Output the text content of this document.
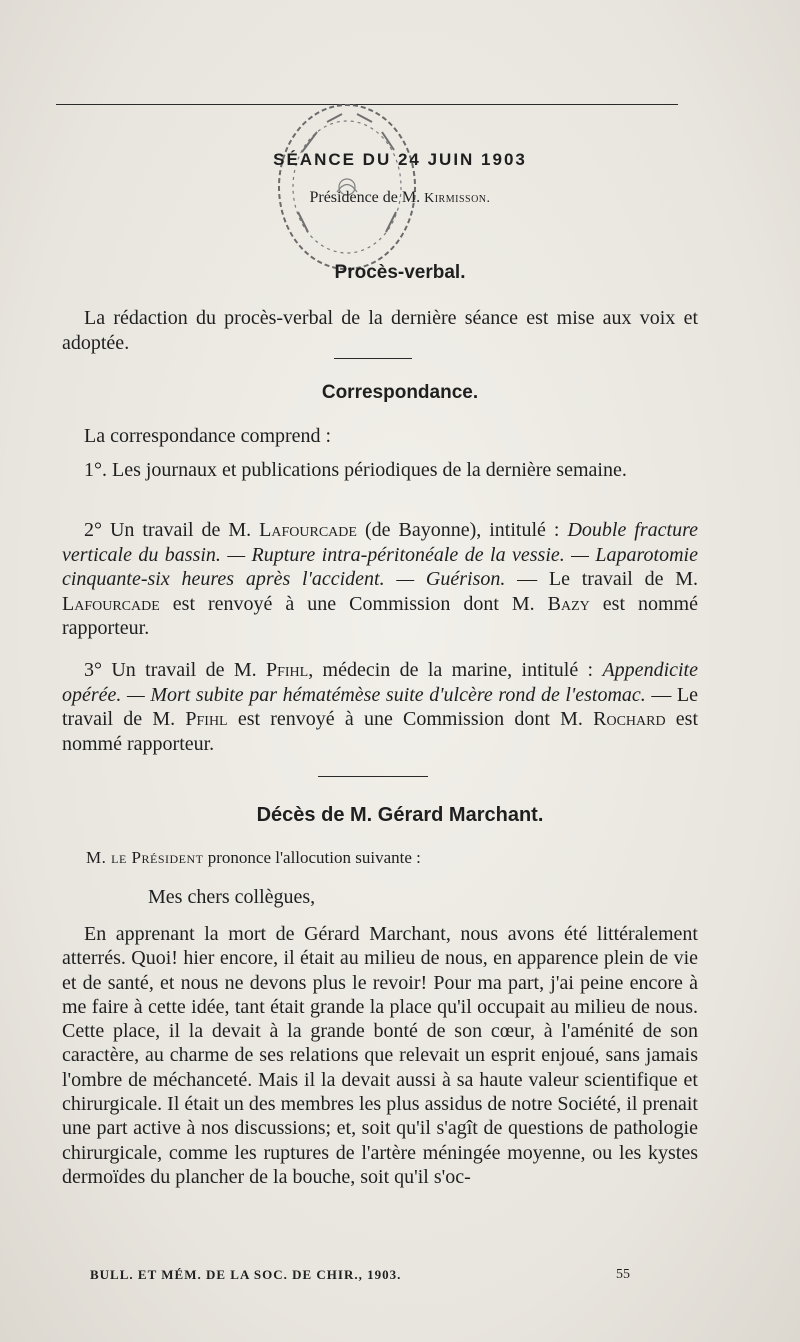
SÉANCE DU 24 JUIN 1903
Présidence de M. Kirmisson.
Procès-verbal.
La rédaction du procès-verbal de la dernière séance est mise aux voix et adoptée.
Correspondance.
La correspondance comprend :
1°. Les journaux et publications périodiques de la dernière semaine.
2° Un travail de M. Lafourcade (de Bayonne), intitulé : Double fracture verticale du bassin. — Rupture intra-péritonéale de la vessie. — Laparotomie cinquante-six heures après l'accident. — Guérison. — Le travail de M. Lafourcade est renvoyé à une Commission dont M. Bazy est nommé rapporteur.
3° Un travail de M. Pfihl, médecin de la marine, intitulé : Appendicite opérée. — Mort subite par hématémèse suite d'ulcère rond de l'estomac. — Le travail de M. Pfihl est renvoyé à une Commission dont M. Rochard est nommé rapporteur.
Décès de M. Gérard Marchant.
M. le Président prononce l'allocution suivante :
Mes chers collègues,
En apprenant la mort de Gérard Marchant, nous avons été littéralement atterrés. Quoi! hier encore, il était au milieu de nous, en apparence plein de vie et de santé, et nous ne devons plus le revoir! Pour ma part, j'ai peine encore à me faire à cette idée, tant était grande la place qu'il occupait au milieu de nous. Cette place, il la devait à la grande bonté de son cœur, à l'aménité de son caractère, au charme de ses relations que relevait un esprit enjoué, sans jamais l'ombre de méchanceté. Mais il la devait aussi à sa haute valeur scientifique et chirurgicale. Il était un des membres les plus assidus de notre Société, il prenait une part active à nos discussions; et, soit qu'il s'agît de questions de pathologie chirurgicale, comme les ruptures de l'artère méningée moyenne, ou les kystes dermoïdes du plancher de la bouche, soit qu'il s'oc-
BULL. ET MÉM. DE LA SOC. DE CHIR., 1903.	55
